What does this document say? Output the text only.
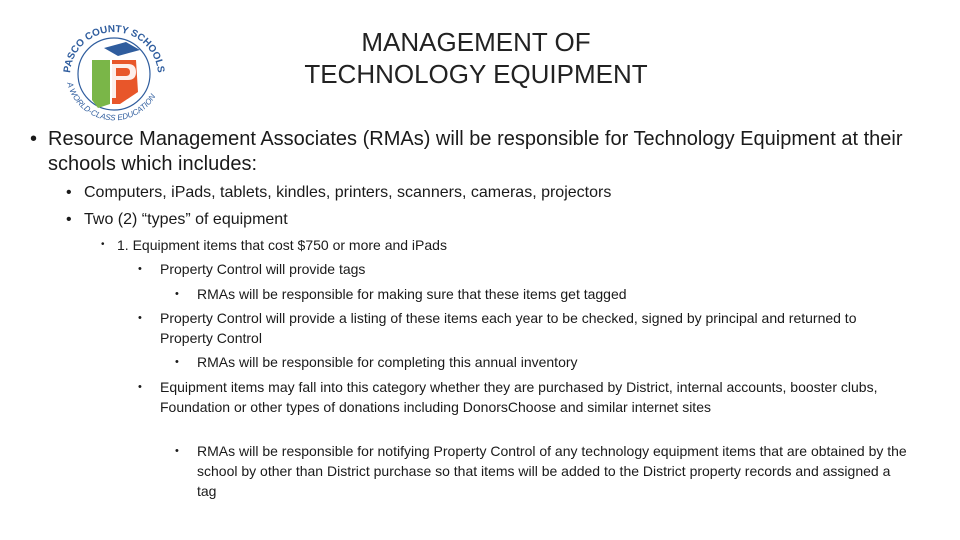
PASCO COUNTY SCHOOLS
A WORLD-CLASS EDUCATION
MANAGEMENT OF
TECHNOLOGY EQUIPMENT
• Resource Management Associates (RMAs) will be responsible for Technology Equipment at their schools which includes:
• Computers, iPads, tablets, kindles, printers, scanners, cameras, projectors
• Two (2) “types” of equipment
• 1. Equipment items that cost $750 or more and iPads
•	Property Control will provide tags
•	RMAs will be responsible for making sure that these items get tagged
•	Property Control will provide a listing of these items each year to be checked, signed by principal and returned to Property Control
•	RMAs will be responsible for completing this annual inventory
•	Equipment items may fall into this category whether they are purchased by District, internal accounts, booster clubs, Foundation or other types of donations including DonorsChoose and similar internet sites
•	RMAs will be responsible for notifying Property Control of any technology equipment items that are obtained by the school by other than District purchase so that items will be added to the District property records and assigned a tag
